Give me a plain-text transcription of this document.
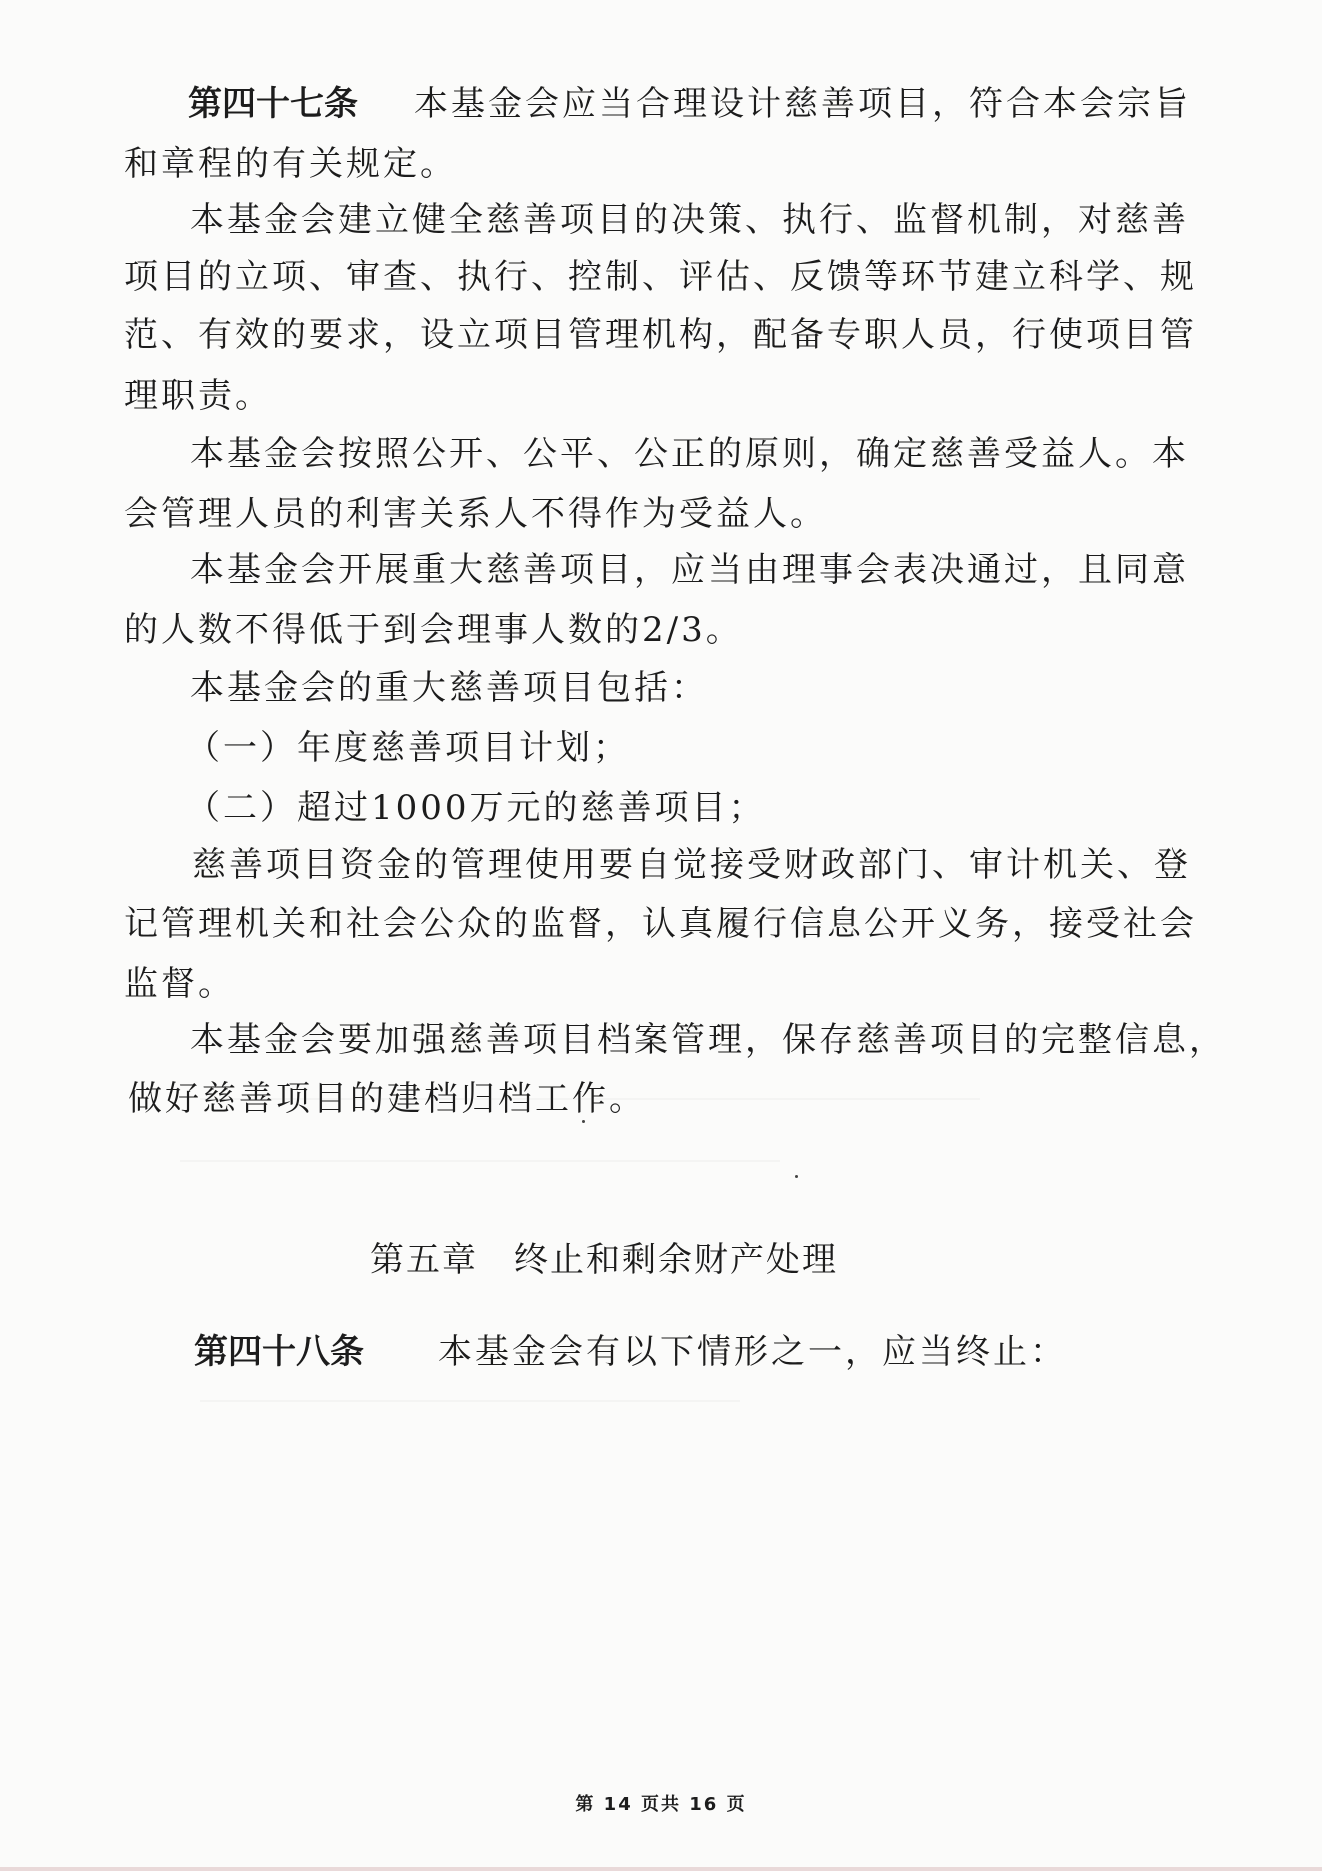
第四十七条 本基金会应当合理设计慈善项目，符合本会宗旨
和章程的有关规定。
本基金会建立健全慈善项目的决策、执行、监督机制，对慈善
项目的立项、审查、执行、控制、评估、反馈等环节建立科学、规
范、有效的要求，设立项目管理机构，配备专职人员，行使项目管
理职责。
本基金会按照公开、公平、公正的原则，确定慈善受益人。本
会管理人员的利害关系人不得作为受益人。
本基金会开展重大慈善项目，应当由理事会表决通过，且同意
的人数不得低于到会理事人数的2/3。
本基金会的重大慈善项目包括：
（一）年度慈善项目计划；
（二）超过1000万元的慈善项目；
慈善项目资金的管理使用要自觉接受财政部门、审计机关、登
记管理机关和社会公众的监督，认真履行信息公开义务，接受社会
监督。
本基金会要加强慈善项目档案管理，保存慈善项目的完整信息，
做好慈善项目的建档归档工作。
第五章　终止和剩余财产处理
第四十八条 本基金会有以下情形之一，应当终止：
第 14 页共 16 页
